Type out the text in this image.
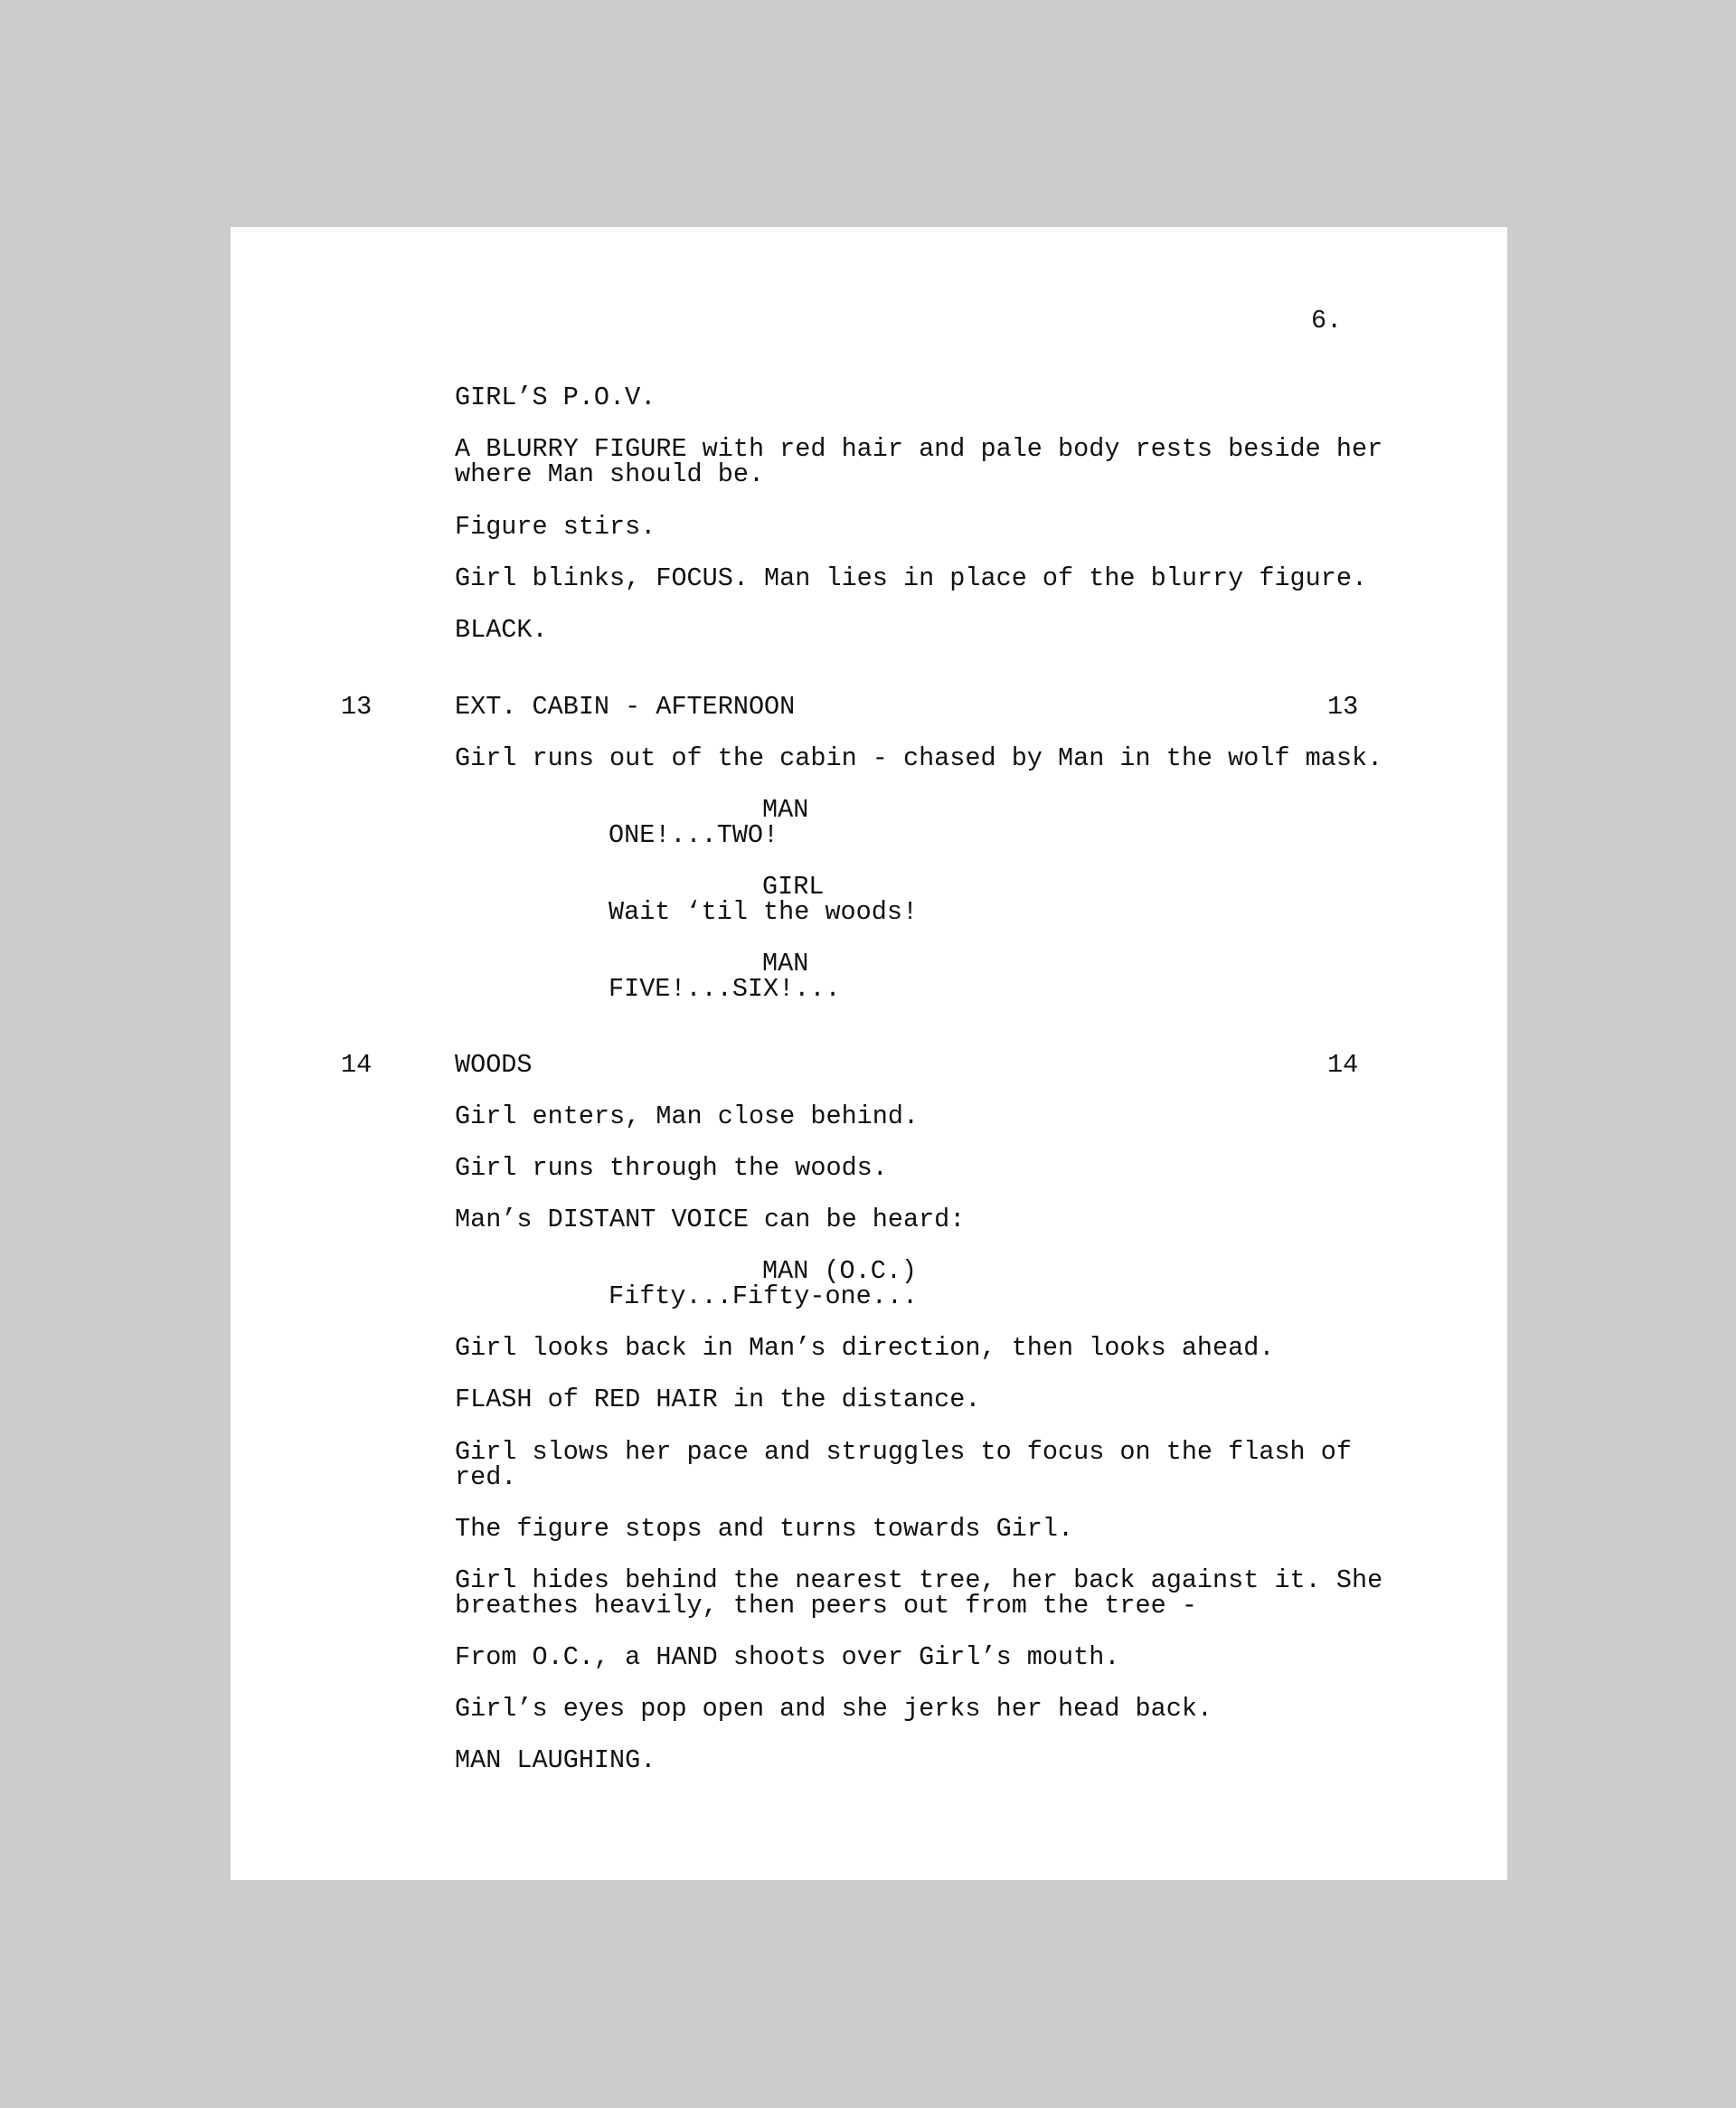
6.
GIRL’S P.O.V.
A BLURRY FIGURE with red hair and pale body rests beside her
where Man should be.
Figure stirs.
Girl blinks, FOCUS. Man lies in place of the blurry figure.
BLACK.
13	EXT. CABIN - AFTERNOON	13
Girl runs out of the cabin - chased by Man in the wolf mask.
MAN
ONE!...TWO!
GIRL
Wait ‘til the woods!
MAN
FIVE!...SIX!...
14	WOODS	14
Girl enters, Man close behind.
Girl runs through the woods.
Man’s DISTANT VOICE can be heard:
MAN (O.C.)
Fifty...Fifty-one...
Girl looks back in Man’s direction, then looks ahead.
FLASH of RED HAIR in the distance.
Girl slows her pace and struggles to focus on the flash of
red.
The figure stops and turns towards Girl.
Girl hides behind the nearest tree, her back against it. She
breathes heavily, then peers out from the tree -
From O.C., a HAND shoots over Girl’s mouth.
Girl’s eyes pop open and she jerks her head back.
MAN LAUGHING.
